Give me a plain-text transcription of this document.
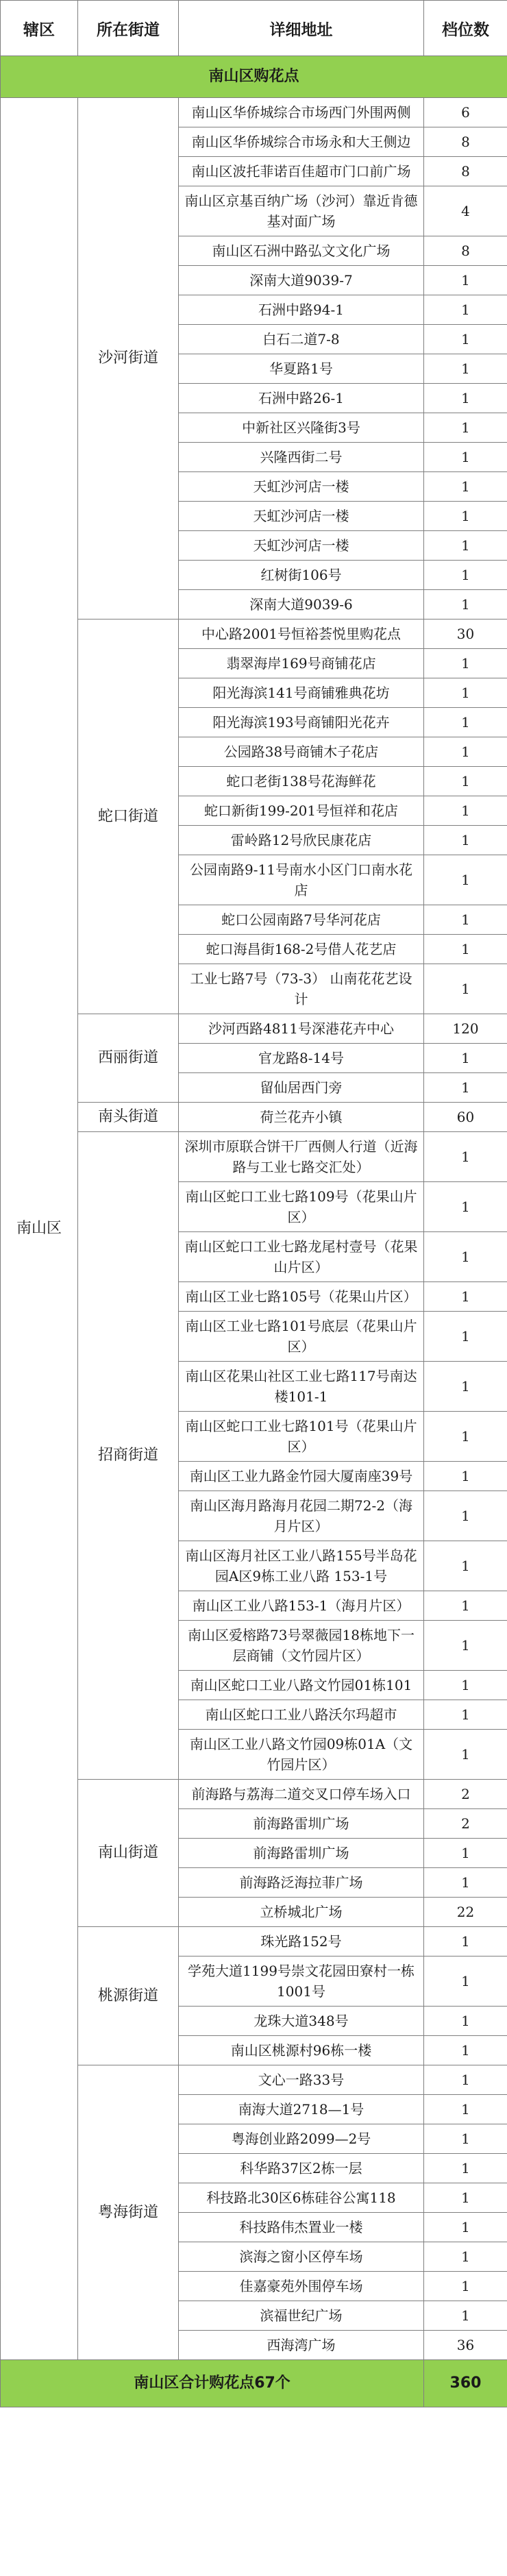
辖区	所在街道	详细地址	档位数
南山区购花点			
南山区	沙河街道	南山区华侨城综合市场西门外围两侧	6
		南山区华侨城综合市场永和大王侧边	8
		南山区波托菲诺百佳超市门口前广场	8
		南山区京基百纳广场（沙河）靠近肯德基对面广场	4
		南山区石洲中路弘文文化广场	8
		深南大道9039-7	1
		石洲中路94-1	1
		白石二道7-8	1
		华夏路1号	1
		石洲中路26-1	1
		中新社区兴隆街3号	1
		兴隆西街二号	1
		天虹沙河店一楼	1
		天虹沙河店一楼	1
		天虹沙河店一楼	1
		红树街106号	1
		深南大道9039-6	1
	蛇口街道	中心路2001号恒裕荟悦里购花点	30
		翡翠海岸169号商铺花店	1
		阳光海滨141号商铺雅典花坊	1
		阳光海滨193号商铺阳光花卉	1
		公园路38号商铺木子花店	1
		蛇口老街138号花海鲜花	1
		蛇口新街199-201号恒祥和花店	1
		雷岭路12号欣民康花店	1
		公园南路9-11号南水小区门口南水花店	1
		蛇口公园南路7号华河花店	1
		蛇口海昌街168-2号借人花艺店	1
		工业七路7号（73-3） 山南花花艺设计	1
	西丽街道	沙河西路4811号深港花卉中心	120
		官龙路8-14号	1
		留仙居西门旁	1
	南头街道	荷兰花卉小镇	60
	招商街道	深圳市原联合饼干厂西侧人行道（近海路与工业七路交汇处）	1
		南山区蛇口工业七路109号（花果山片区）	1
		南山区蛇口工业七路龙尾村壹号（花果山片区）	1
		南山区工业七路105号（花果山片区）	1
		南山区工业七路101号底层（花果山片区）	1
		南山区花果山社区工业七路117号南达楼101-1	1
		南山区蛇口工业七路101号（花果山片区）	1
		南山区工业九路金竹园大厦南座39号	1
		南山区海月路海月花园二期72-2（海月片区）	1
		南山区海月社区工业八路155号半岛花园A区9栋工业八路 153-1号	1
		南山区工业八路153-1（海月片区）	1
		南山区爱榕路73号翠薇园18栋地下一层商铺（文竹园片区）	1
		南山区蛇口工业八路文竹园01栋101	1
		南山区蛇口工业八路沃尔玛超市	1
		南山区工业八路文竹园09栋01A（文竹园片区）	1
	南山街道	前海路与荔海二道交叉口停车场入口	2
		前海路雷圳广场	2
		前海路雷圳广场	1
		前海路泛海拉菲广场	1
		立桥城北广场	22
	桃源街道	珠光路152号	1
		学苑大道1199号崇文花园田寮村一栋1001号	1
		龙珠大道348号	1
		南山区桃源村96栋一楼	1
	粤海街道	文心一路33号	1
		南海大道2718—1号	1
		粤海创业路2099—2号	1
		科华路37区2栋一层	1
		科技路北30区6栋硅谷公寓118	1
		科技路伟杰置业一楼	1
		滨海之窗小区停车场	1
		佳嘉豪苑外围停车场	1
		滨福世纪广场	1
		西海湾广场	36
南山区合计购花点67个			360
